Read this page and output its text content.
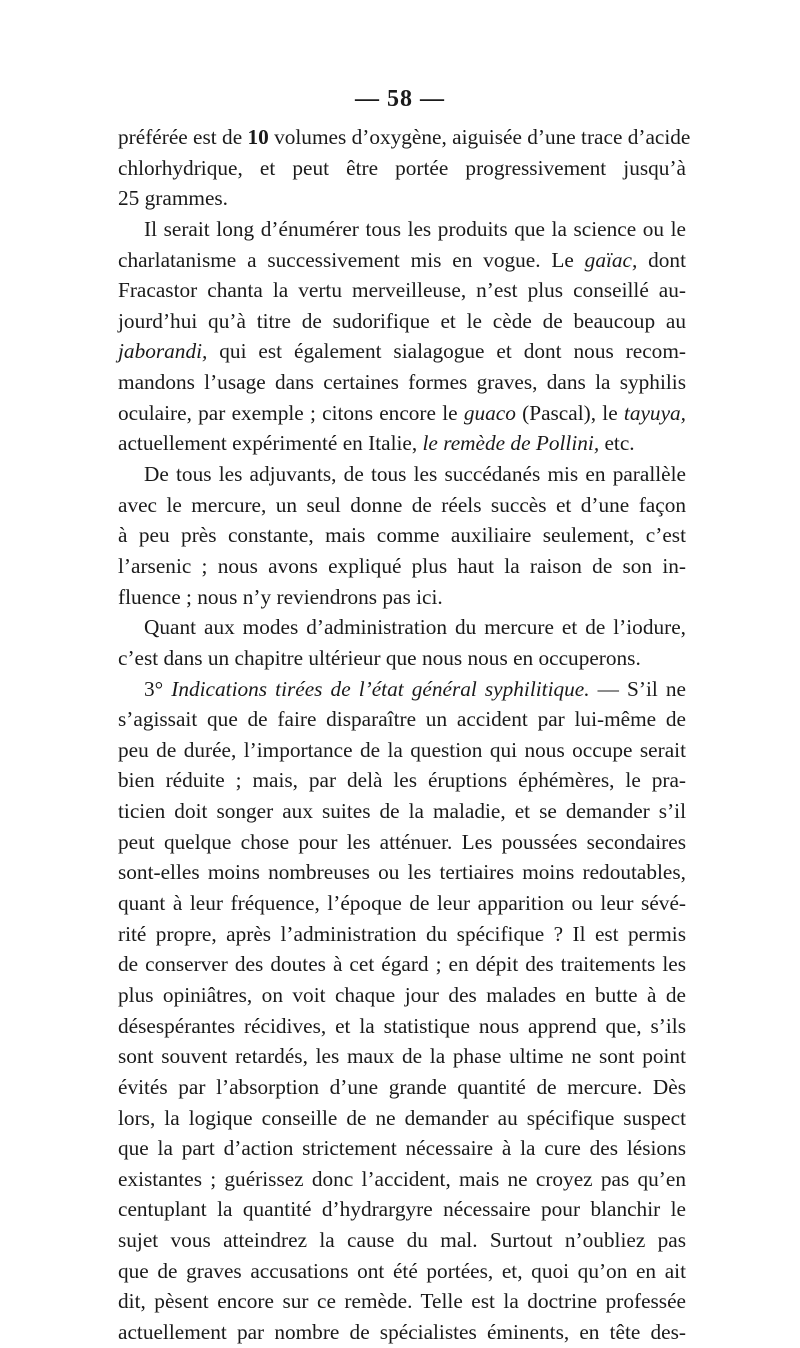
— 58 —
préférée est de 10 volumes d’oxygène, aiguisée d’une trace d’acide
chlorhydrique, et peut être portée progressivement jusqu’à
25 grammes.
Il serait long d’énumérer tous les produits que la science ou le
charlatanisme a successivement mis en vogue. Le gaïac, dont
Fracastor chanta la vertu merveilleuse, n’est plus conseillé au-
jourd’hui qu’à titre de sudorifique et le cède de beaucoup au
jaborandi, qui est également sialagogue et dont nous recom-
mandons l’usage dans certaines formes graves, dans la syphilis
oculaire, par exemple ; citons encore le guaco (Pascal), le tayuya,
actuellement expérimenté en Italie, le remède de Pollini, etc.
De tous les adjuvants, de tous les succédanés mis en parallèle
avec le mercure, un seul donne de réels succès et d’une façon
à peu près constante, mais comme auxiliaire seulement, c’est
l’arsenic ; nous avons expliqué plus haut la raison de son in-
fluence ; nous n’y reviendrons pas ici.
Quant aux modes d’administration du mercure et de l’iodure,
c’est dans un chapitre ultérieur que nous nous en occuperons.
3° Indications tirées de l’état général syphilitique. — S’il ne
s’agissait que de faire disparaître un accident par lui-même de
peu de durée, l’importance de la question qui nous occupe serait
bien réduite ; mais, par delà les éruptions éphémères, le pra-
ticien doit songer aux suites de la maladie, et se demander s’il
peut quelque chose pour les atténuer. Les poussées secondaires
sont-elles moins nombreuses ou les tertiaires moins redoutables,
quant à leur fréquence, l’époque de leur apparition ou leur sévé-
rité propre, après l’administration du spécifique ? Il est permis
de conserver des doutes à cet égard ; en dépit des traitements les
plus opiniâtres, on voit chaque jour des malades en butte à de
désespérantes récidives, et la statistique nous apprend que, s’ils
sont souvent retardés, les maux de la phase ultime ne sont point
évités par l’absorption d’une grande quantité de mercure. Dès
lors, la logique conseille de ne demander au spécifique suspect
que la part d’action strictement nécessaire à la cure des lésions
existantes ; guérissez donc l’accident, mais ne croyez pas qu’en
centuplant la quantité d’hydrargyre nécessaire pour blanchir le
sujet vous atteindrez la cause du mal. Surtout n’oubliez pas
que de graves accusations ont été portées, et, quoi qu’on en ait
dit, pèsent encore sur ce remède. Telle est la doctrine professée
actuellement par nombre de spécialistes éminents, en tête des-
